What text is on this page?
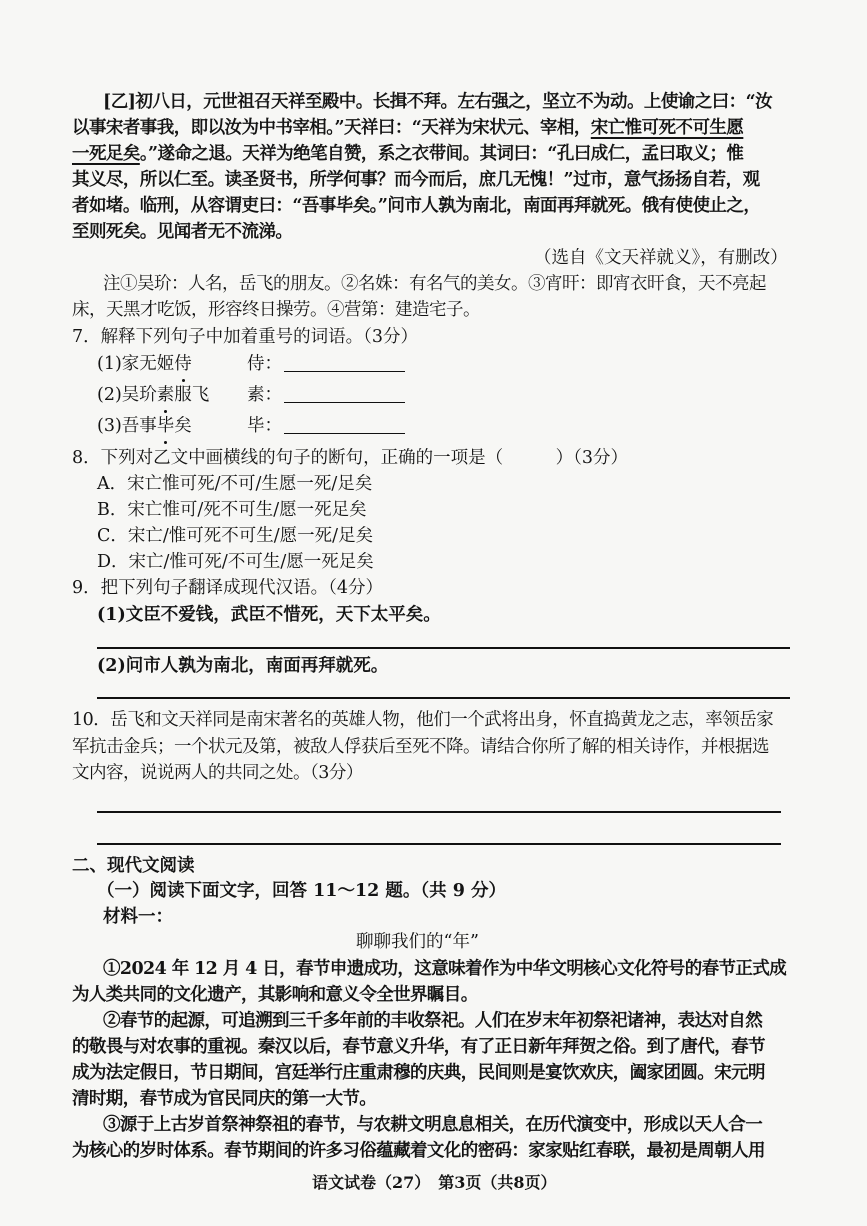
[乙]初八日，元世祖召天祥至殿中。长揖不拜。左右强之，坚立不为动。上使谕之曰：“汝
以事宋者事我，即以汝为中书宰相。”天祥曰：“天祥为宋状元、宰相，宋亡惟可死不可生愿
一死足矣。”遂命之退。天祥为绝笔自赞，系之衣带间。其词曰：“孔曰成仁，孟曰取义；惟
其义尽，所以仁至。读圣贤书，所学何事？而今而后，庶几无愧！”过市，意气扬扬自若，观
者如堵。临刑，从容谓吏曰：“吾事毕矣。”问市人孰为南北，南面再拜就死。俄有使使止之，
至则死矣。见闻者无不流涕。
（选自《文天祥就义》，有删改）
注①吴玠：人名，岳飞的朋友。②名姝：有名气的美女。③宵旰：即宵衣旰食，天不亮起
床，天黑才吃饭，形容终日操劳。④营第：建造宅子。
7．解释下列句子中加着重号的词语。（3分）
(1)家无姬侍	侍：
(2)吴玠素服飞 素：
(3)吾事毕矣	毕：
8．下列对乙文中画横线的句子的断句，正确的一项是（　　　）（3分）
A．宋亡惟可死/不可/生愿一死/足矣
B．宋亡惟可/死不可生/愿一死足矣
C．宋亡/惟可死不可生/愿一死/足矣
D．宋亡/惟可死/不可生/愿一死足矣
9．把下列句子翻译成现代汉语。（4分）
(1)文臣不爱钱，武臣不惜死，天下太平矣。
(2)问市人孰为南北，南面再拜就死。
10．岳飞和文天祥同是南宋著名的英雄人物，他们一个武将出身，怀直捣黄龙之志，率领岳家
军抗击金兵；一个状元及第，被敌人俘获后至死不降。请结合你所了解的相关诗作，并根据选
文内容，说说两人的共同之处。（3分）
二、现代文阅读
（一）阅读下面文字，回答 11～12 题。（共 9 分）
材料一：
聊聊我们的“年”
①2024 年 12 月 4 日，春节申遗成功，这意味着作为中华文明核心文化符号的春节正式成
为人类共同的文化遗产，其影响和意义令全世界瞩目。
②春节的起源，可追溯到三千多年前的丰收祭祀。人们在岁末年初祭祀诸神，表达对自然
的敬畏与对农事的重视。秦汉以后，春节意义升华，有了正日新年拜贺之俗。到了唐代，春节
成为法定假日，节日期间，宫廷举行庄重肃穆的庆典，民间则是宴饮欢庆，阖家团圆。宋元明
清时期，春节成为官民同庆的第一大节。
③源于上古岁首祭神祭祖的春节，与农耕文明息息相关，在历代演变中，形成以天人合一
为核心的岁时体系。春节期间的许多习俗蕴藏着文化的密码：家家贴红春联，最初是周朝人用
语文试卷（27）　第3页（共8页）
